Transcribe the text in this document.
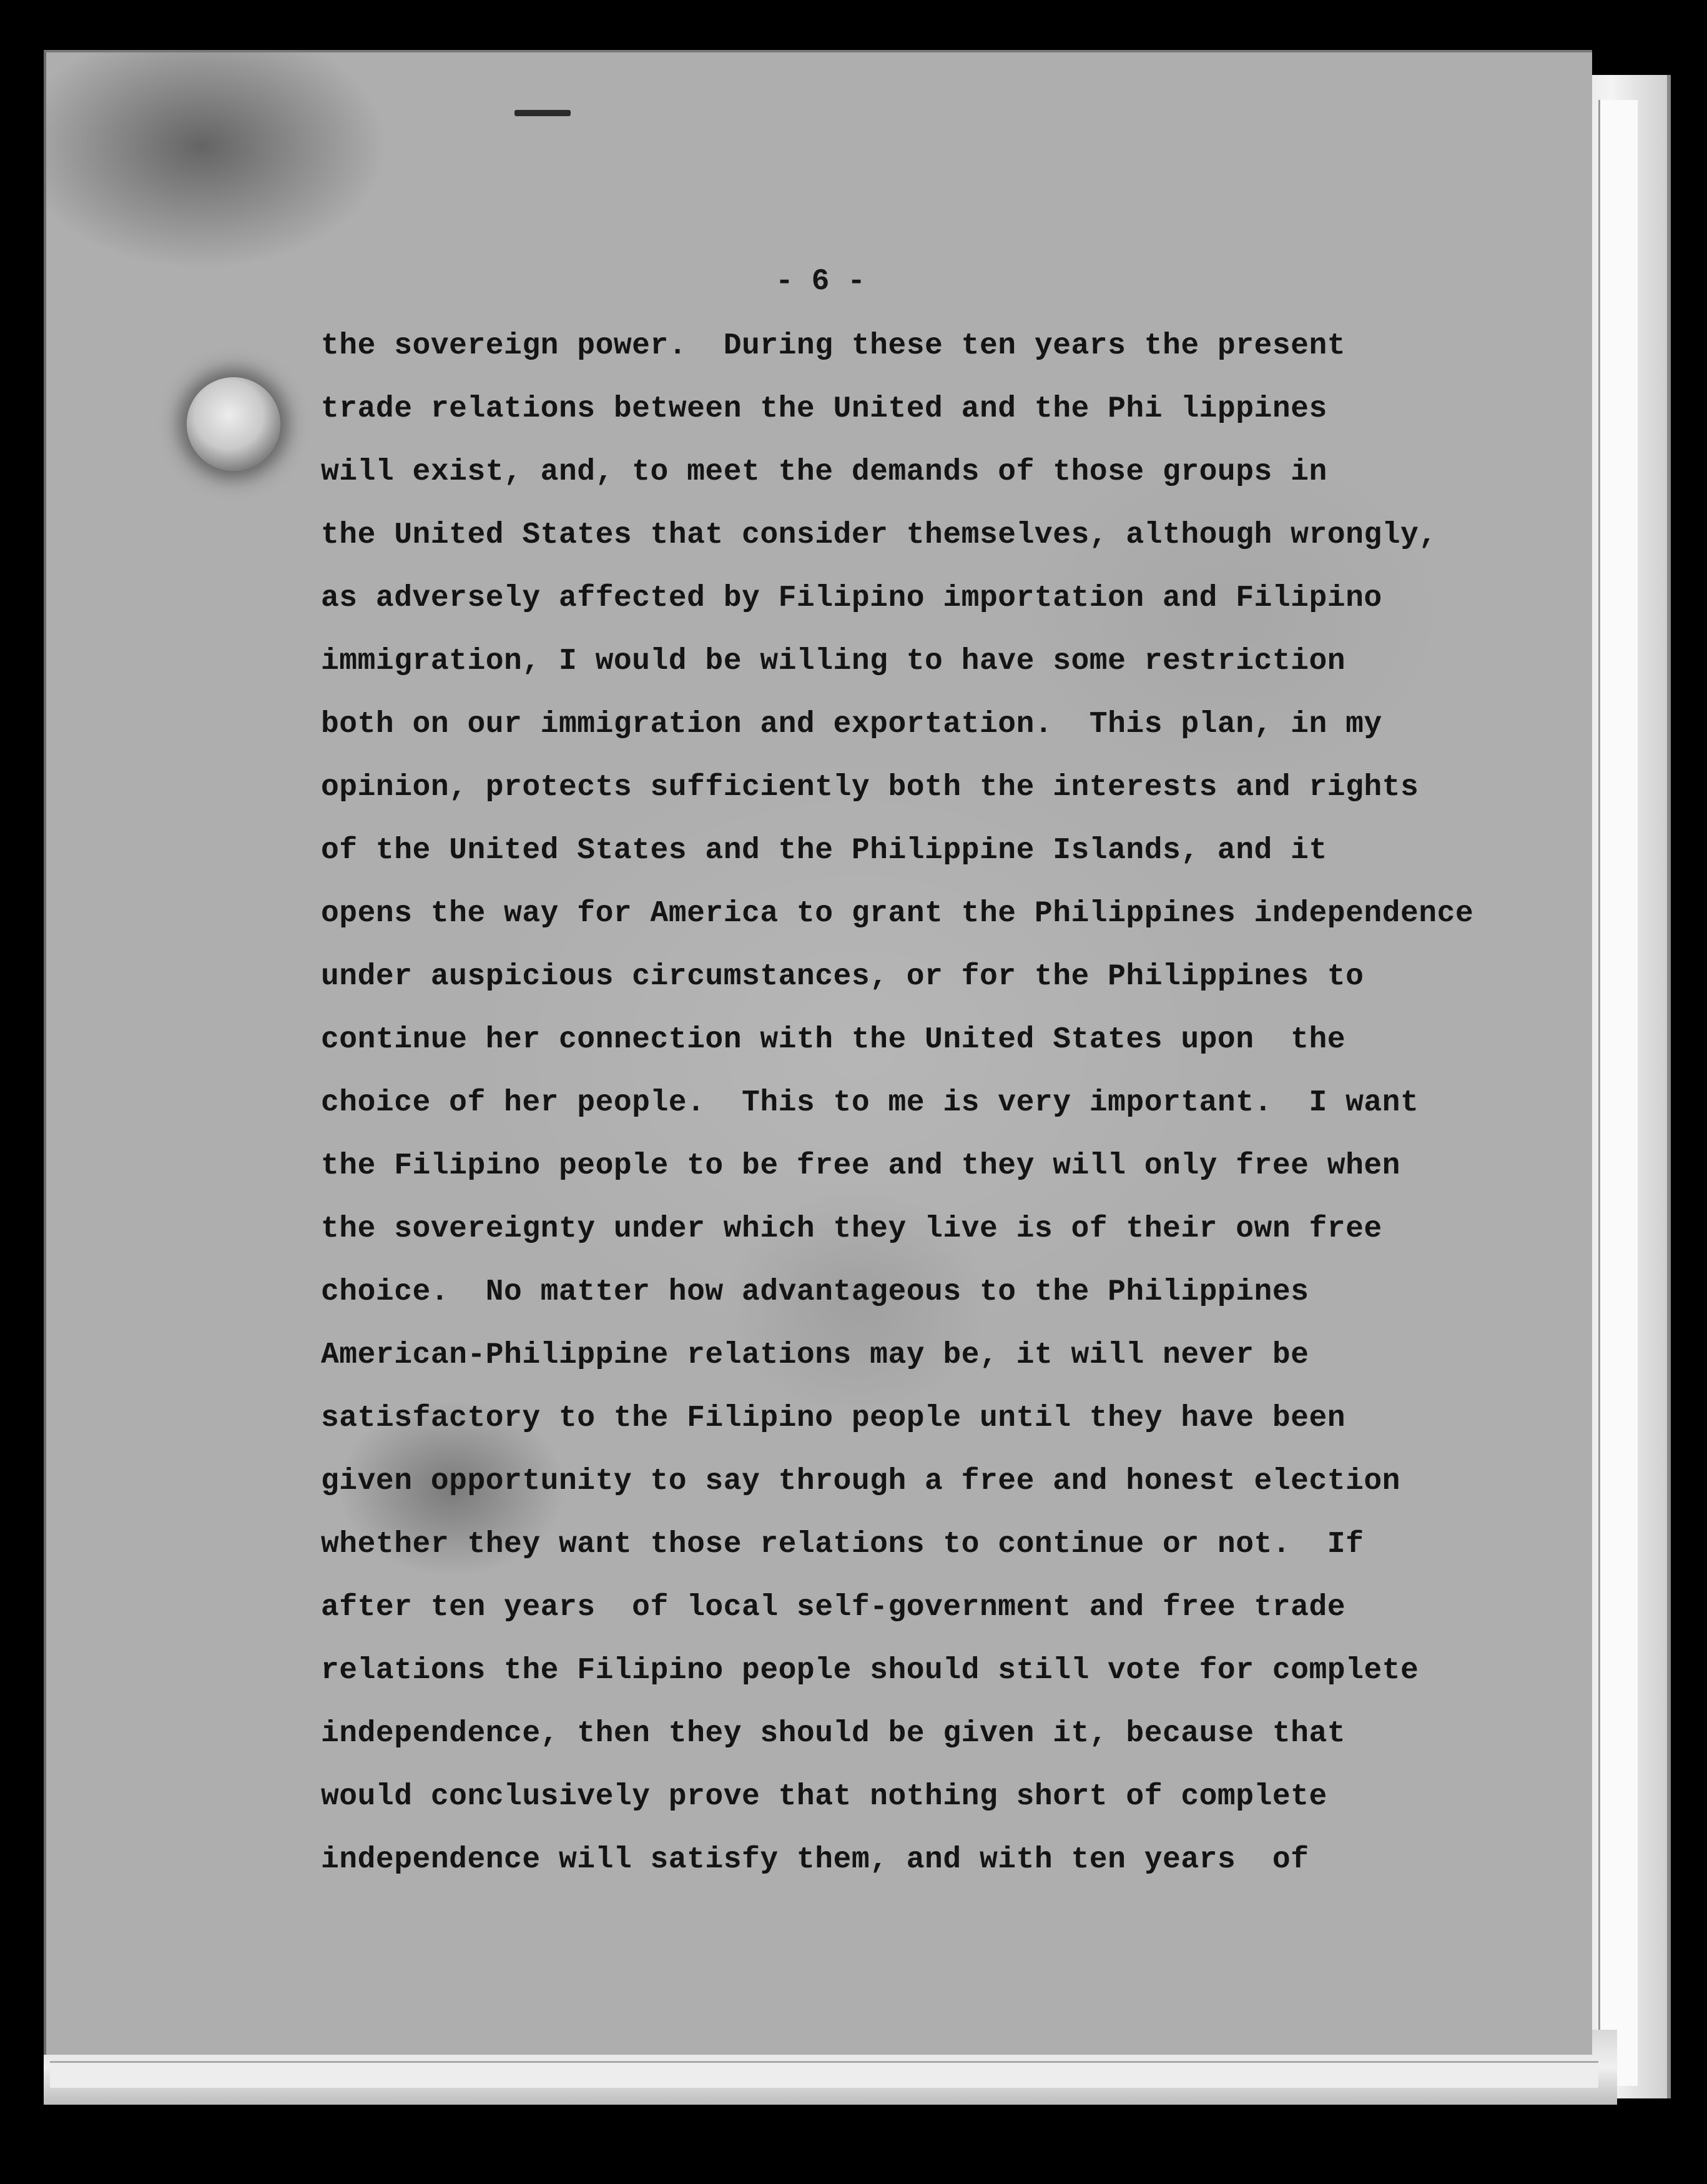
- 6 -
the sovereign power.  During these ten years the present
trade relations between the United and the Phi lippines
will exist, and, to meet the demands of those groups in
the United States that consider themselves, although wrongly,
as adversely affected by Filipino importation and Filipino
immigration, I would be willing to have some restriction
both on our immigration and exportation.  This plan, in my
opinion, protects sufficiently both the interests and rights
of the United States and the Philippine Islands, and it
opens the way for America to grant the Philippines independence
under auspicious circumstances, or for the Philippines to
continue her connection with the United States upon  the
choice of her people.  This to me is very important.  I want
the Filipino people to be free and they will only free when
the sovereignty under which they live is of their own free
choice.  No matter how advantageous to the Philippines
American-Philippine relations may be, it will never be
satisfactory to the Filipino people until they have been
given opportunity to say through a free and honest election
whether they want those relations to continue or not.  If
after ten years  of local self-government and free trade
relations the Filipino people should still vote for complete
independence, then they should be given it, because that
would conclusively prove that nothing short of complete
independence will satisfy them, and with ten years  of
